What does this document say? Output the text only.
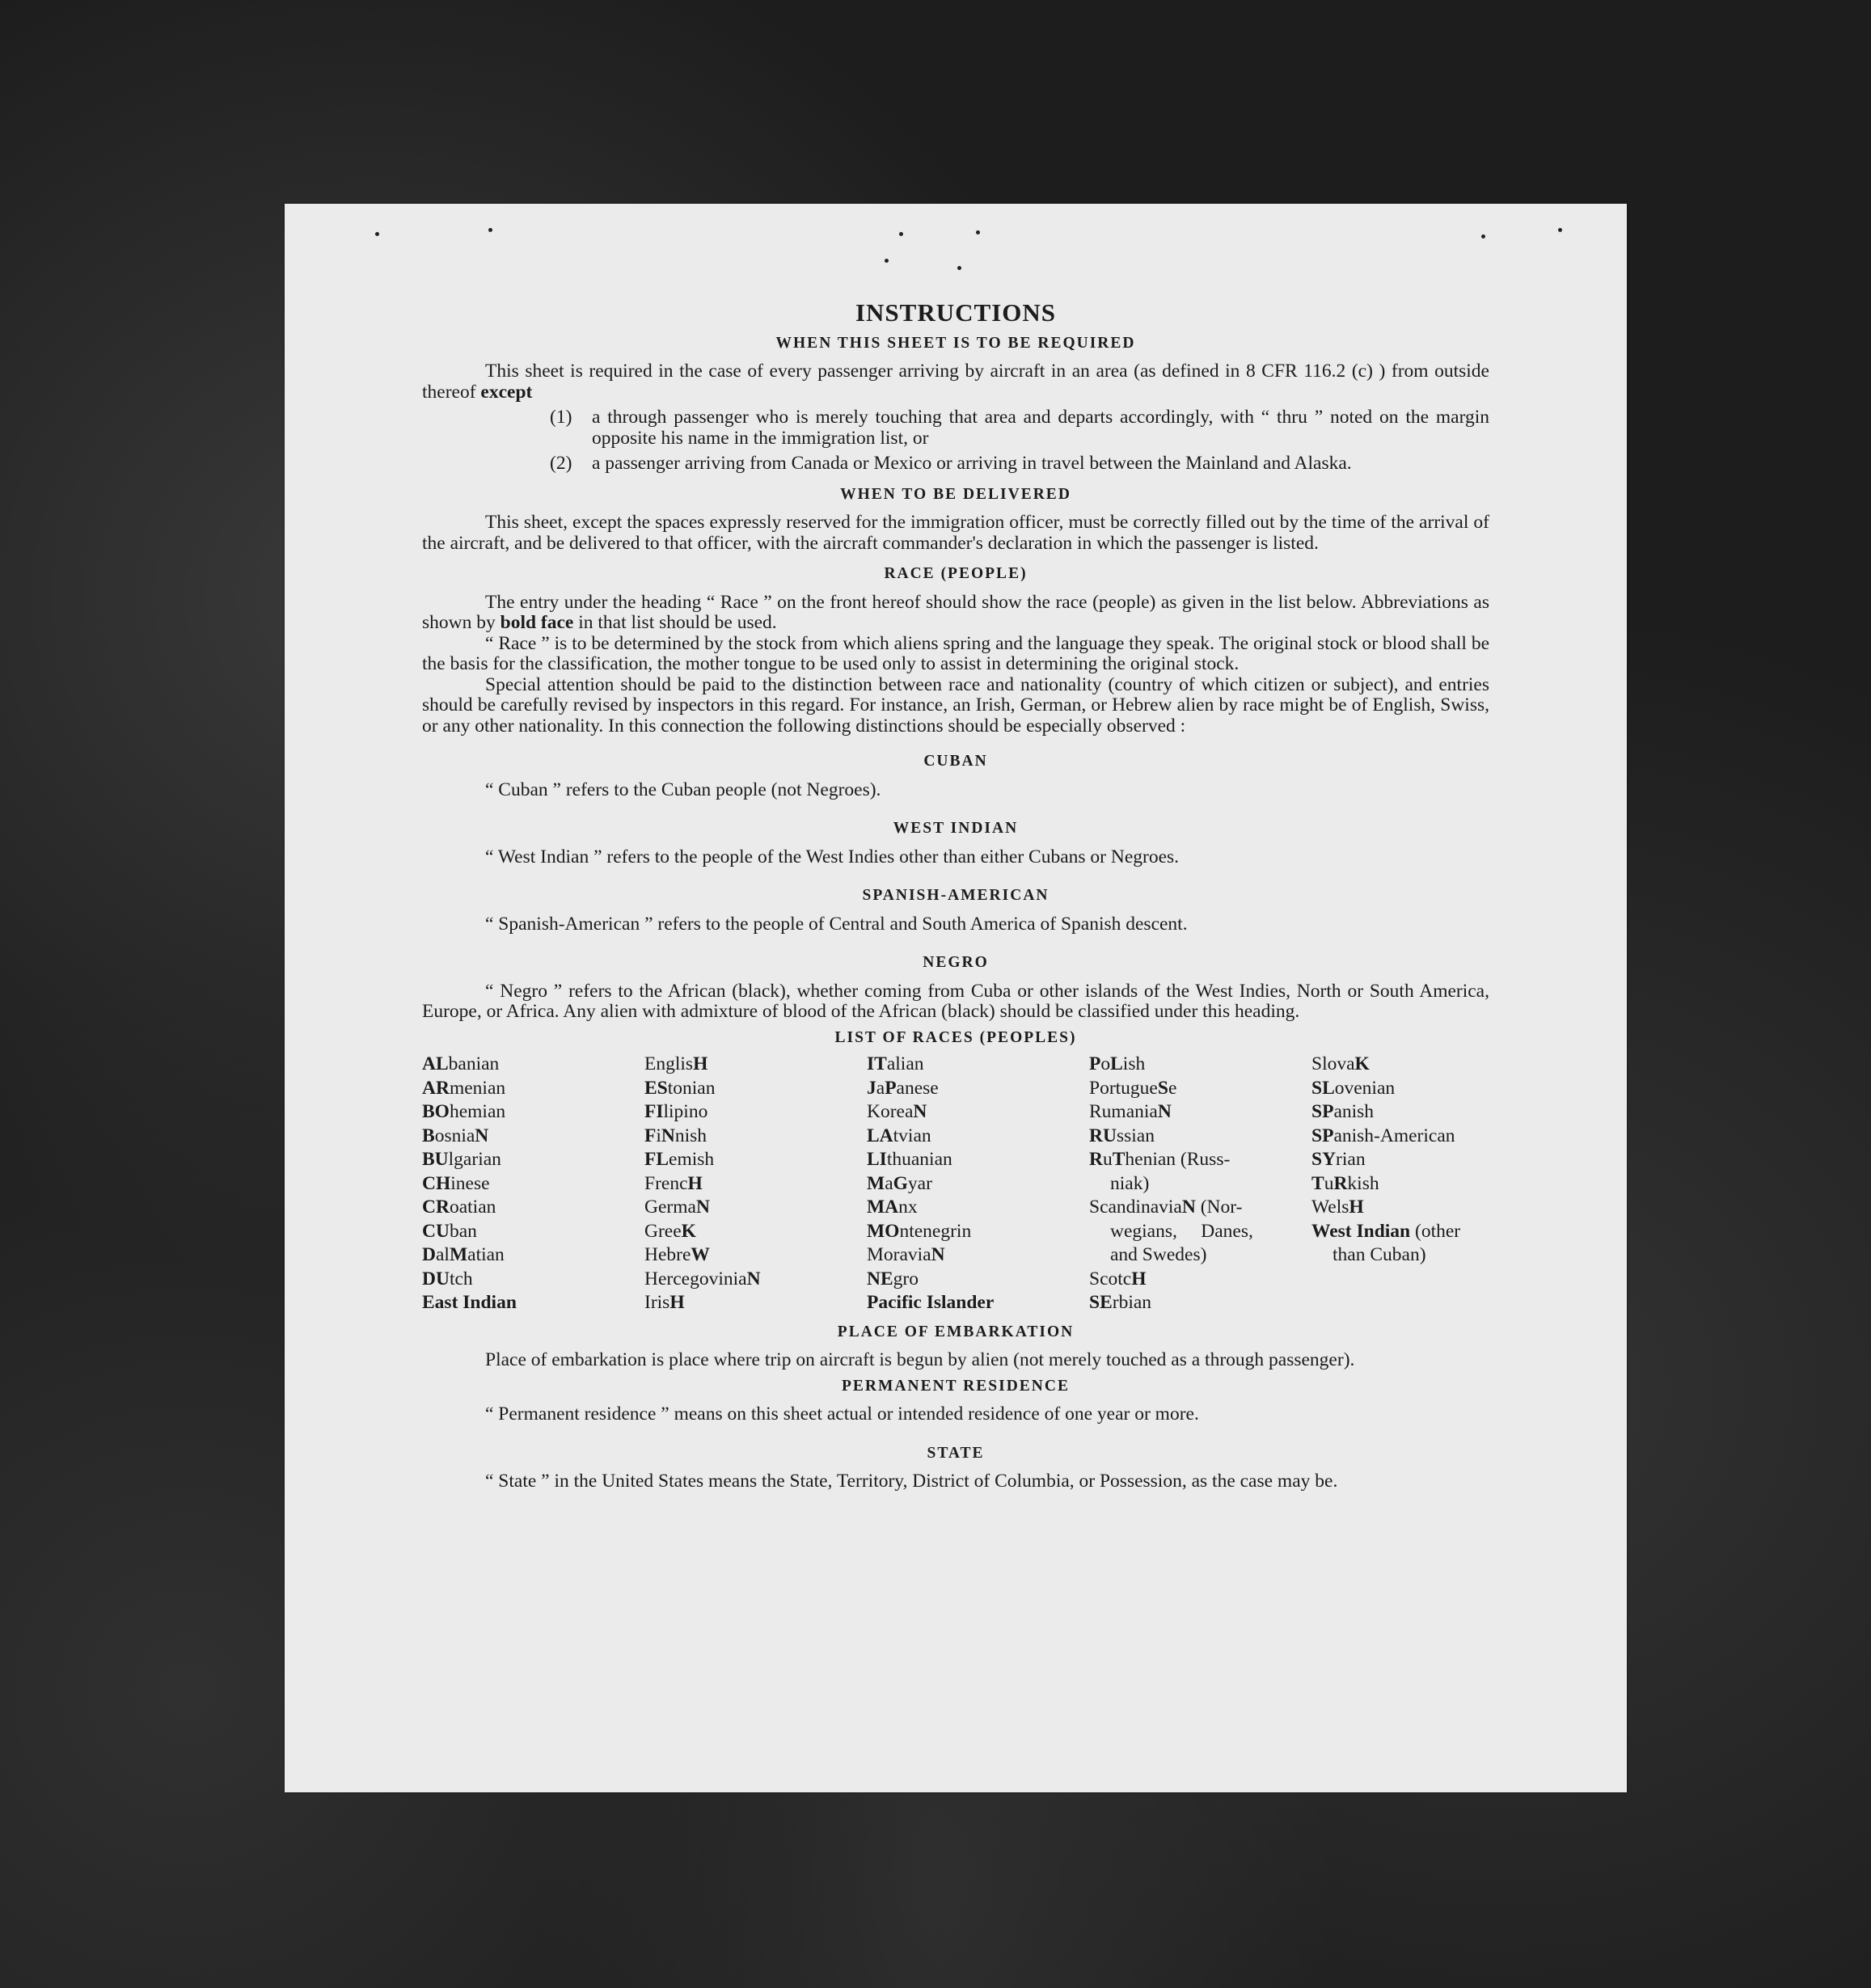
INSTRUCTIONS
WHEN THIS SHEET IS TO BE REQUIRED

This sheet is required in the case of every passenger arriving by aircraft in an area (as defined in 8 CFR 116.2 (c) ) from outside thereof except

(1)	a through passenger who is merely touching that area and departs accordingly, with “ thru ” noted on the margin opposite his name in the immigration list, or
(2)	a passenger arriving from Canada or Mexico or arriving in travel between the Mainland and Alaska.
WHEN TO BE DELIVERED

This sheet, except the spaces expressly reserved for the immigration officer, must be correctly filled out by the time of the arrival of the aircraft, and be delivered to that officer, with the aircraft commander's declaration in which the passenger is listed.

RACE (PEOPLE)

The entry under the heading “ Race ” on the front hereof should show the race (people) as given in the list below. Abbreviations as shown by bold face in that list should be used.

“ Race ” is to be determined by the stock from which aliens spring and the language they speak. The original stock or blood shall be the basis for the classification, the mother tongue to be used only to assist in determining the original stock.

Special attention should be paid to the distinction between race and nationality (country of which citizen or subject), and entries should be carefully revised by inspectors in this regard. For instance, an Irish, German, or Hebrew alien by race might be of English, Swiss, or any other nationality. In this connection the following distinctions should be especially observed :

CUBAN

“ Cuban ” refers to the Cuban people (not Negroes).

WEST INDIAN

“ West Indian ” refers to the people of the West Indies other than either Cubans or Negroes.

SPANISH-AMERICAN

“ Spanish-American ” refers to the people of Central and South America of Spanish descent.

NEGRO

“ Negro ” refers to the African (black), whether coming from Cuba or other islands of the West Indies, North or South America, Europe, or Africa. Any alien with admixture of blood of the African (black) should be classified under this heading.

LIST OF RACES (PEOPLES)
ALbanian
ARmenian
BOhemian
BosniaN
BUlgarian
CHinese
CRoatian
CUban
DalMatian
DUtch
East Indian
EnglisH
EStonian
FIlipino
FiNnish
FLemish
FrencH
GermaN
GreeK
HebreW
HercegoviniaN
IrisH
ITalian
JaPanese
KoreaN
LAtvian
LIthuanian
MaGyar
MAnx
MOntenegrin
MoraviaN
NEgro
Pacific Islander
PoLish
PortugueSe
RumaniaN
RUssian
RuThenian (Russ-
niak)
ScandinaviaN (Nor-
wegians,     Danes,
and Swedes)
ScotcH
SErbian
SlovaK
SLovenian
SPanish
SPanish-American
SYrian
TuRkish
WelsH
West Indian (other
than Cuban)
PLACE OF EMBARKATION

Place of embarkation is place where trip on aircraft is begun by alien (not merely touched as a through passenger).

PERMANENT RESIDENCE

“ Permanent residence ” means on this sheet actual or intended residence of one year or more.

STATE

“ State ” in the United States means the State, Territory, District of Columbia, or Possession, as the case may be.
